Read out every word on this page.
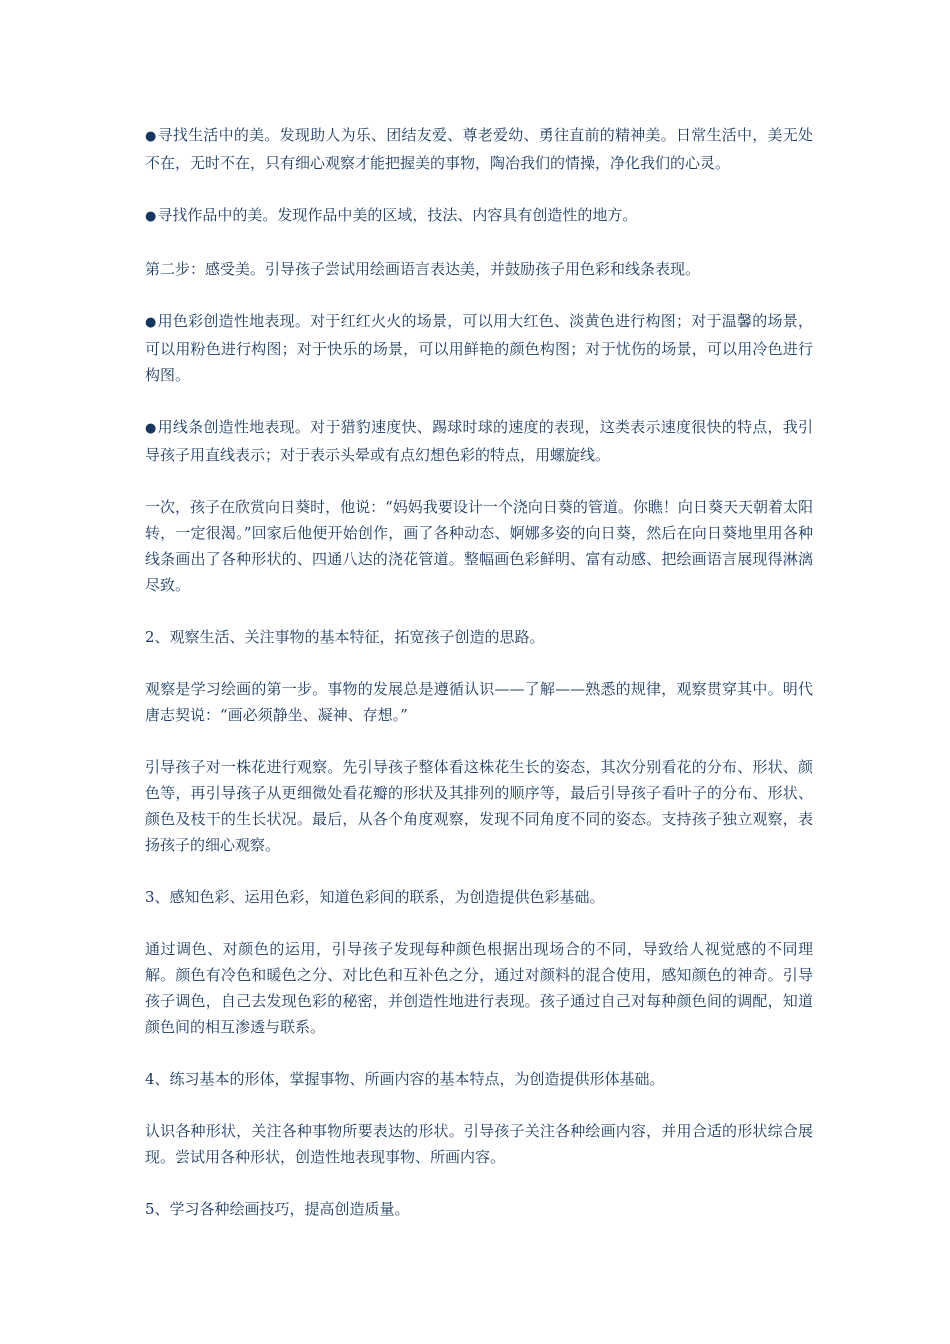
●寻找生活中的美。发现助人为乐、团结友爱、尊老爱幼、勇往直前的精神美。日常生活中，美无处不在，无时不在，只有细心观察才能把握美的事物，陶冶我们的情操，净化我们的心灵。

●寻找作品中的美。发现作品中美的区域，技法、内容具有创造性的地方。

第二步：感受美。引导孩子尝试用绘画语言表达美，并鼓励孩子用色彩和线条表现。

●用色彩创造性地表现。对于红红火火的场景，可以用大红色、淡黄色进行构图；对于温馨的场景，可以用粉色进行构图；对于快乐的场景，可以用鲜艳的颜色构图；对于忧伤的场景，可以用冷色进行构图。

●用线条创造性地表现。对于猎豹速度快、踢球时球的速度的表现，这类表示速度很快的特点，我引导孩子用直线表示；对于表示头晕或有点幻想色彩的特点，用螺旋线。

一次，孩子在欣赏向日葵时，他说：“妈妈我要设计一个浇向日葵的管道。你瞧！向日葵天天朝着太阳转，一定很渴。”回家后他便开始创作，画了各种动态、婀娜多姿的向日葵，然后在向日葵地里用各种线条画出了各种形状的、四通八达的浇花管道。整幅画色彩鲜明、富有动感、把绘画语言展现得淋漓尽致。

2、观察生活、关注事物的基本特征，拓宽孩子创造的思路。

观察是学习绘画的第一步。事物的发展总是遵循认识——了解——熟悉的规律，观察贯穿其中。明代唐志契说：“画必须静坐、凝神、存想。”

引导孩子对一株花进行观察。先引导孩子整体看这株花生长的姿态，其次分别看花的分布、形状、颜色等，再引导孩子从更细微处看花瓣的形状及其排列的顺序等，最后引导孩子看叶子的分布、形状、颜色及枝干的生长状况。最后，从各个角度观察，发现不同角度不同的姿态。支持孩子独立观察，表扬孩子的细心观察。

3、感知色彩、运用色彩，知道色彩间的联系，为创造提供色彩基础。

通过调色、对颜色的运用，引导孩子发现每种颜色根据出现场合的不同，导致给人视觉感的不同理解。颜色有冷色和暖色之分、对比色和互补色之分，通过对颜料的混合使用，感知颜色的神奇。引导孩子调色，自己去发现色彩的秘密，并创造性地进行表现。孩子通过自己对每种颜色间的调配，知道颜色间的相互渗透与联系。

4、练习基本的形体，掌握事物、所画内容的基本特点，为创造提供形体基础。

认识各种形状，关注各种事物所要表达的形状。引导孩子关注各种绘画内容，并用合适的形状综合展现。尝试用各种形状，创造性地表现事物、所画内容。

5、学习各种绘画技巧，提高创造质量。
